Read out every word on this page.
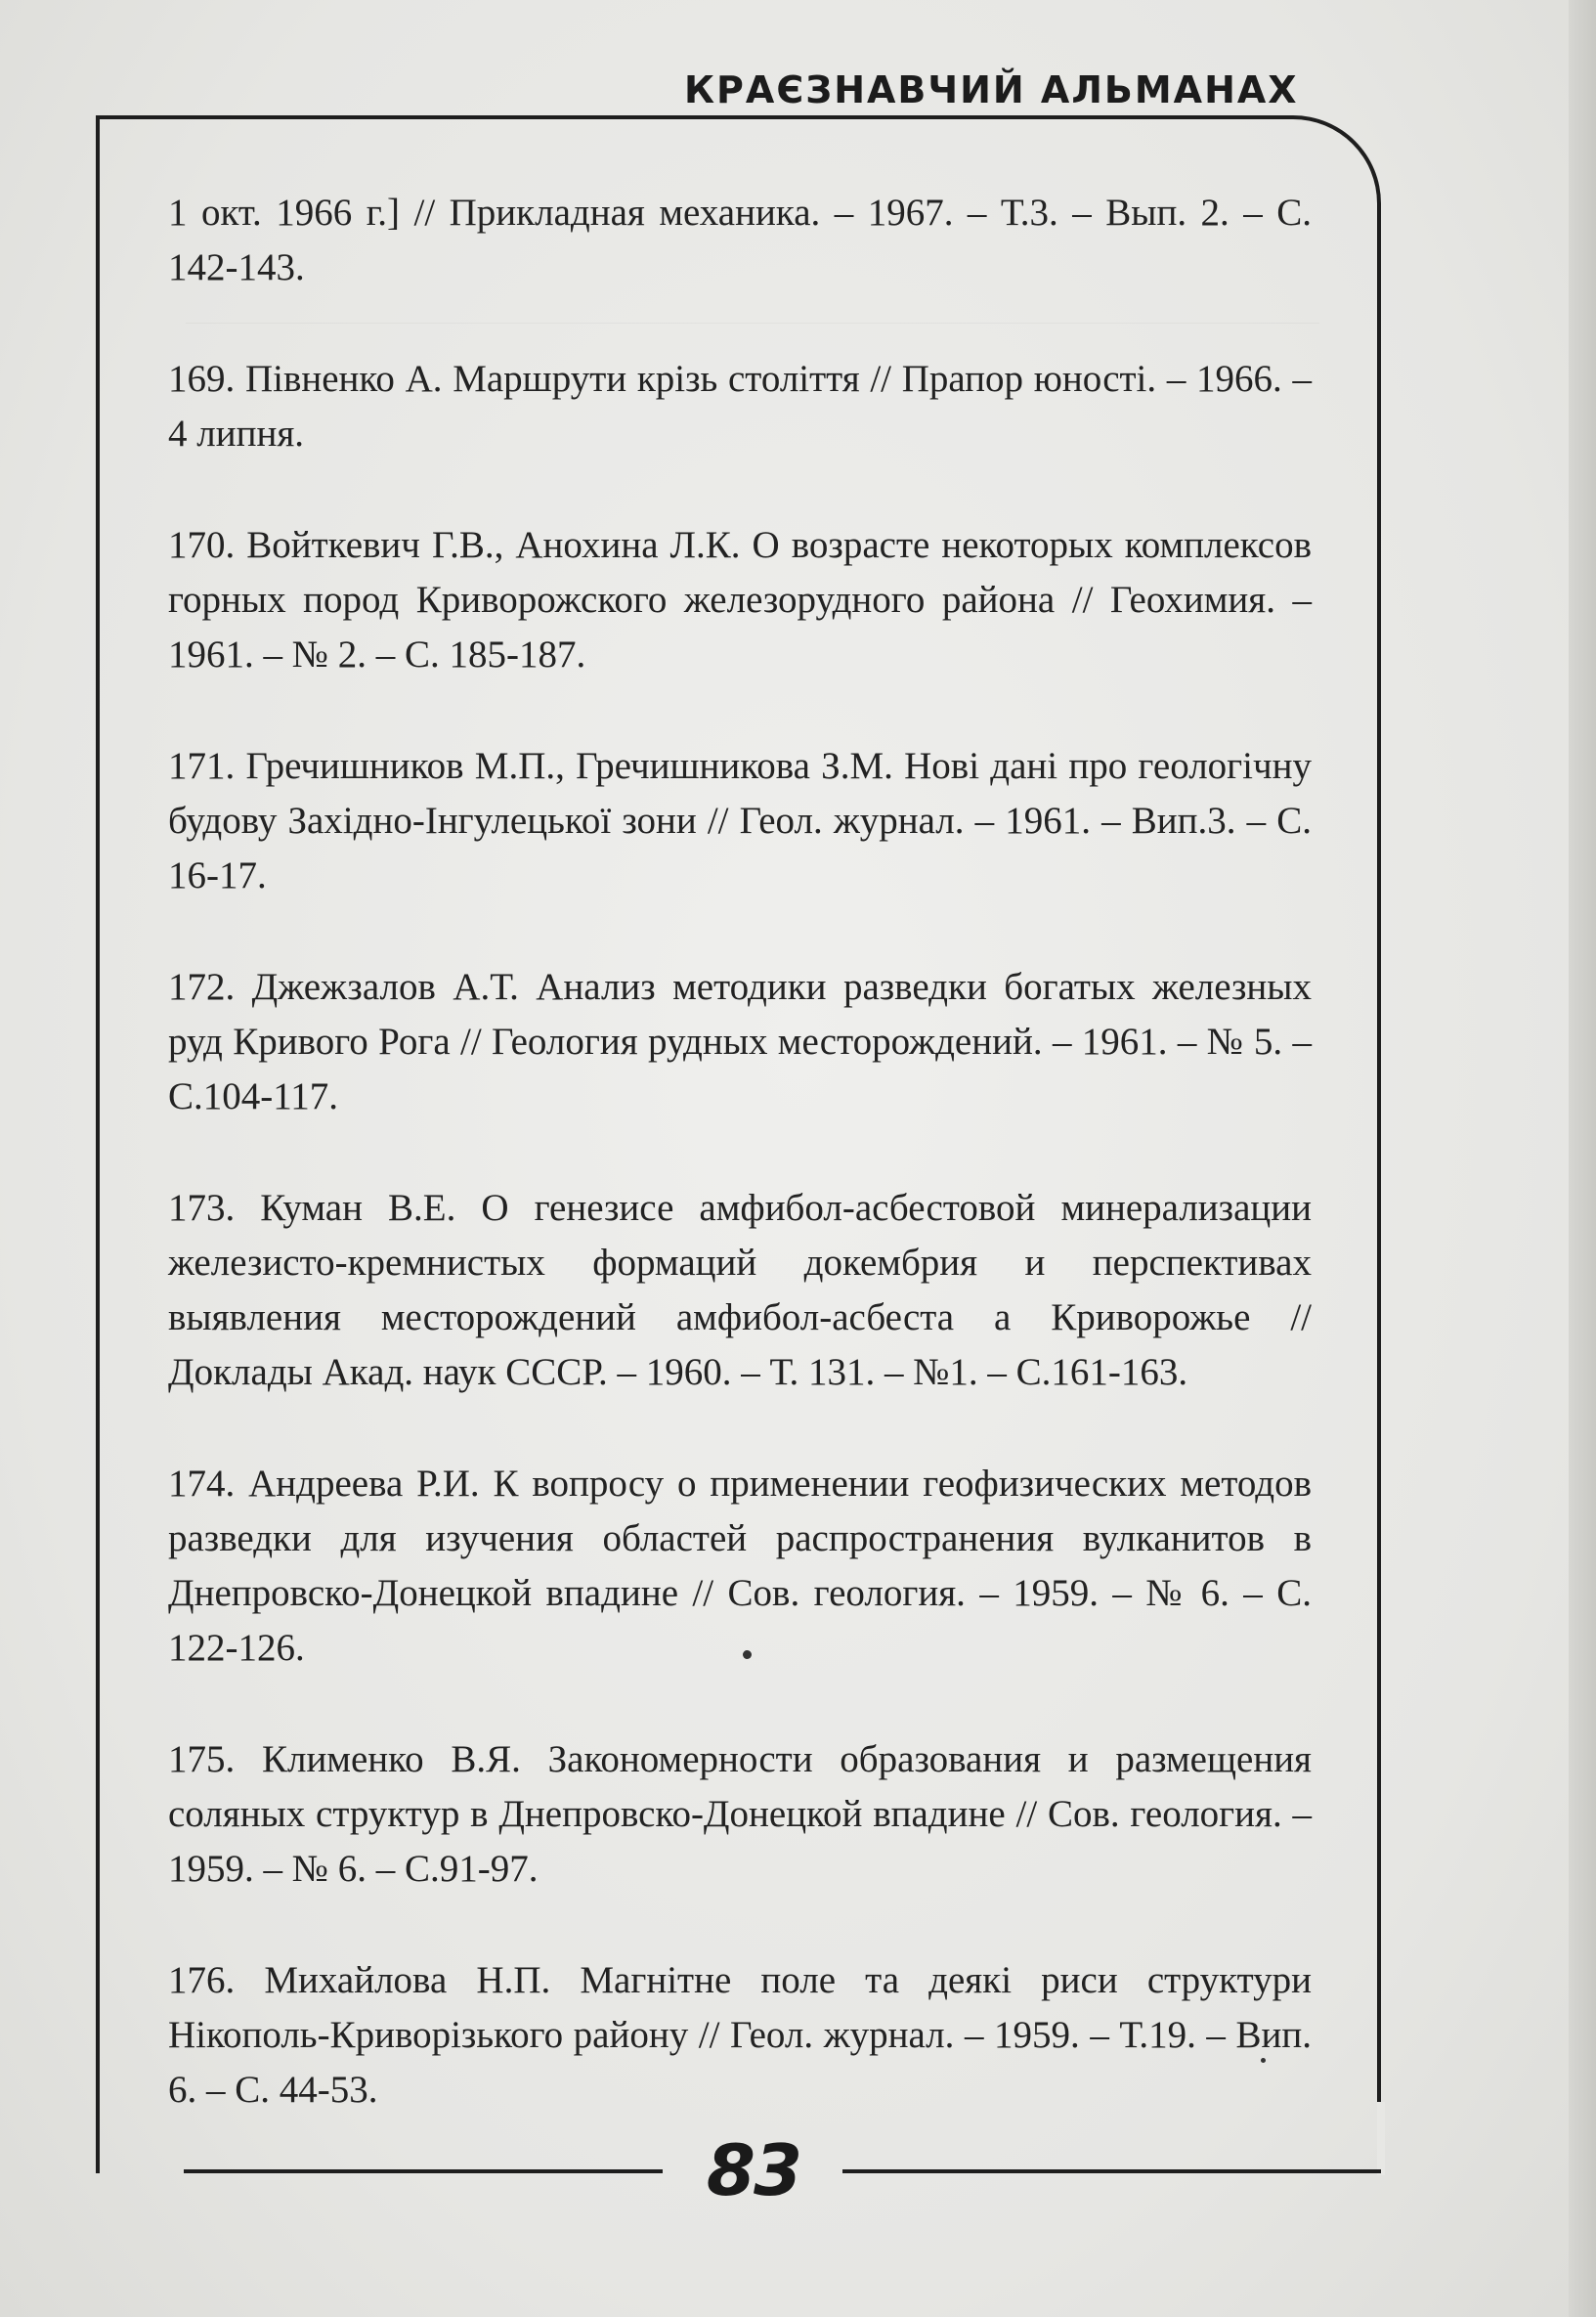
КРАЄЗНАВЧИЙ АЛЬМАНАХ
83

1 окт. 1966 г.] // Прикладная механика. – 1967. – Т.3. – Вып. 2. – С. 142-143.

169. Півненко А. Маршрути крізь століття // Прапор юності. – 1966. – 4 липня.

170. Войткевич Г.В., Анохина Л.К. О возрасте некоторых комплексов горных пород Криворожского железорудного района // Геохимия. – 1961. – № 2. – С. 185-187.

171. Гречишников М.П., Гречишникова З.М. Нові дані про геологічну будову Західно-Інгулецької зони // Геол. журнал. – 1961. – Вип.3. – С. 16-17.

172. Джежзалов А.Т. Анализ методики разведки богатых железных руд Кривого Рога // Геология рудных месторождений. – 1961. – № 5. – С.104-117.

173. Куман В.Е. О генезисе амфибол-асбестовой минерализации железисто-кремнистых формаций докембрия и перспективах выявления месторождений амфибол-асбеста а Криворожье // Доклады Акад. наук СССР. – 1960. – Т. 131. – №1. – С.161-163.

174. Андреева Р.И. К вопросу о применении геофизических методов разведки для изучения областей распространения вулканитов в Днепровско-Донецкой впадине // Сов. геология. – 1959. – № 6. – С. 122-126.

175. Клименко В.Я. Закономерности образования и размещения соляных структур в Днепровско-Донецкой впадине // Сов. геология. – 1959. – № 6. – С.91-97.

176. Михайлова Н.П. Магнітне поле та деякі риси структури Нікополь-Криворізького району // Геол. журнал. – 1959. – Т.19. – Вип. 6. – С. 44-53.
